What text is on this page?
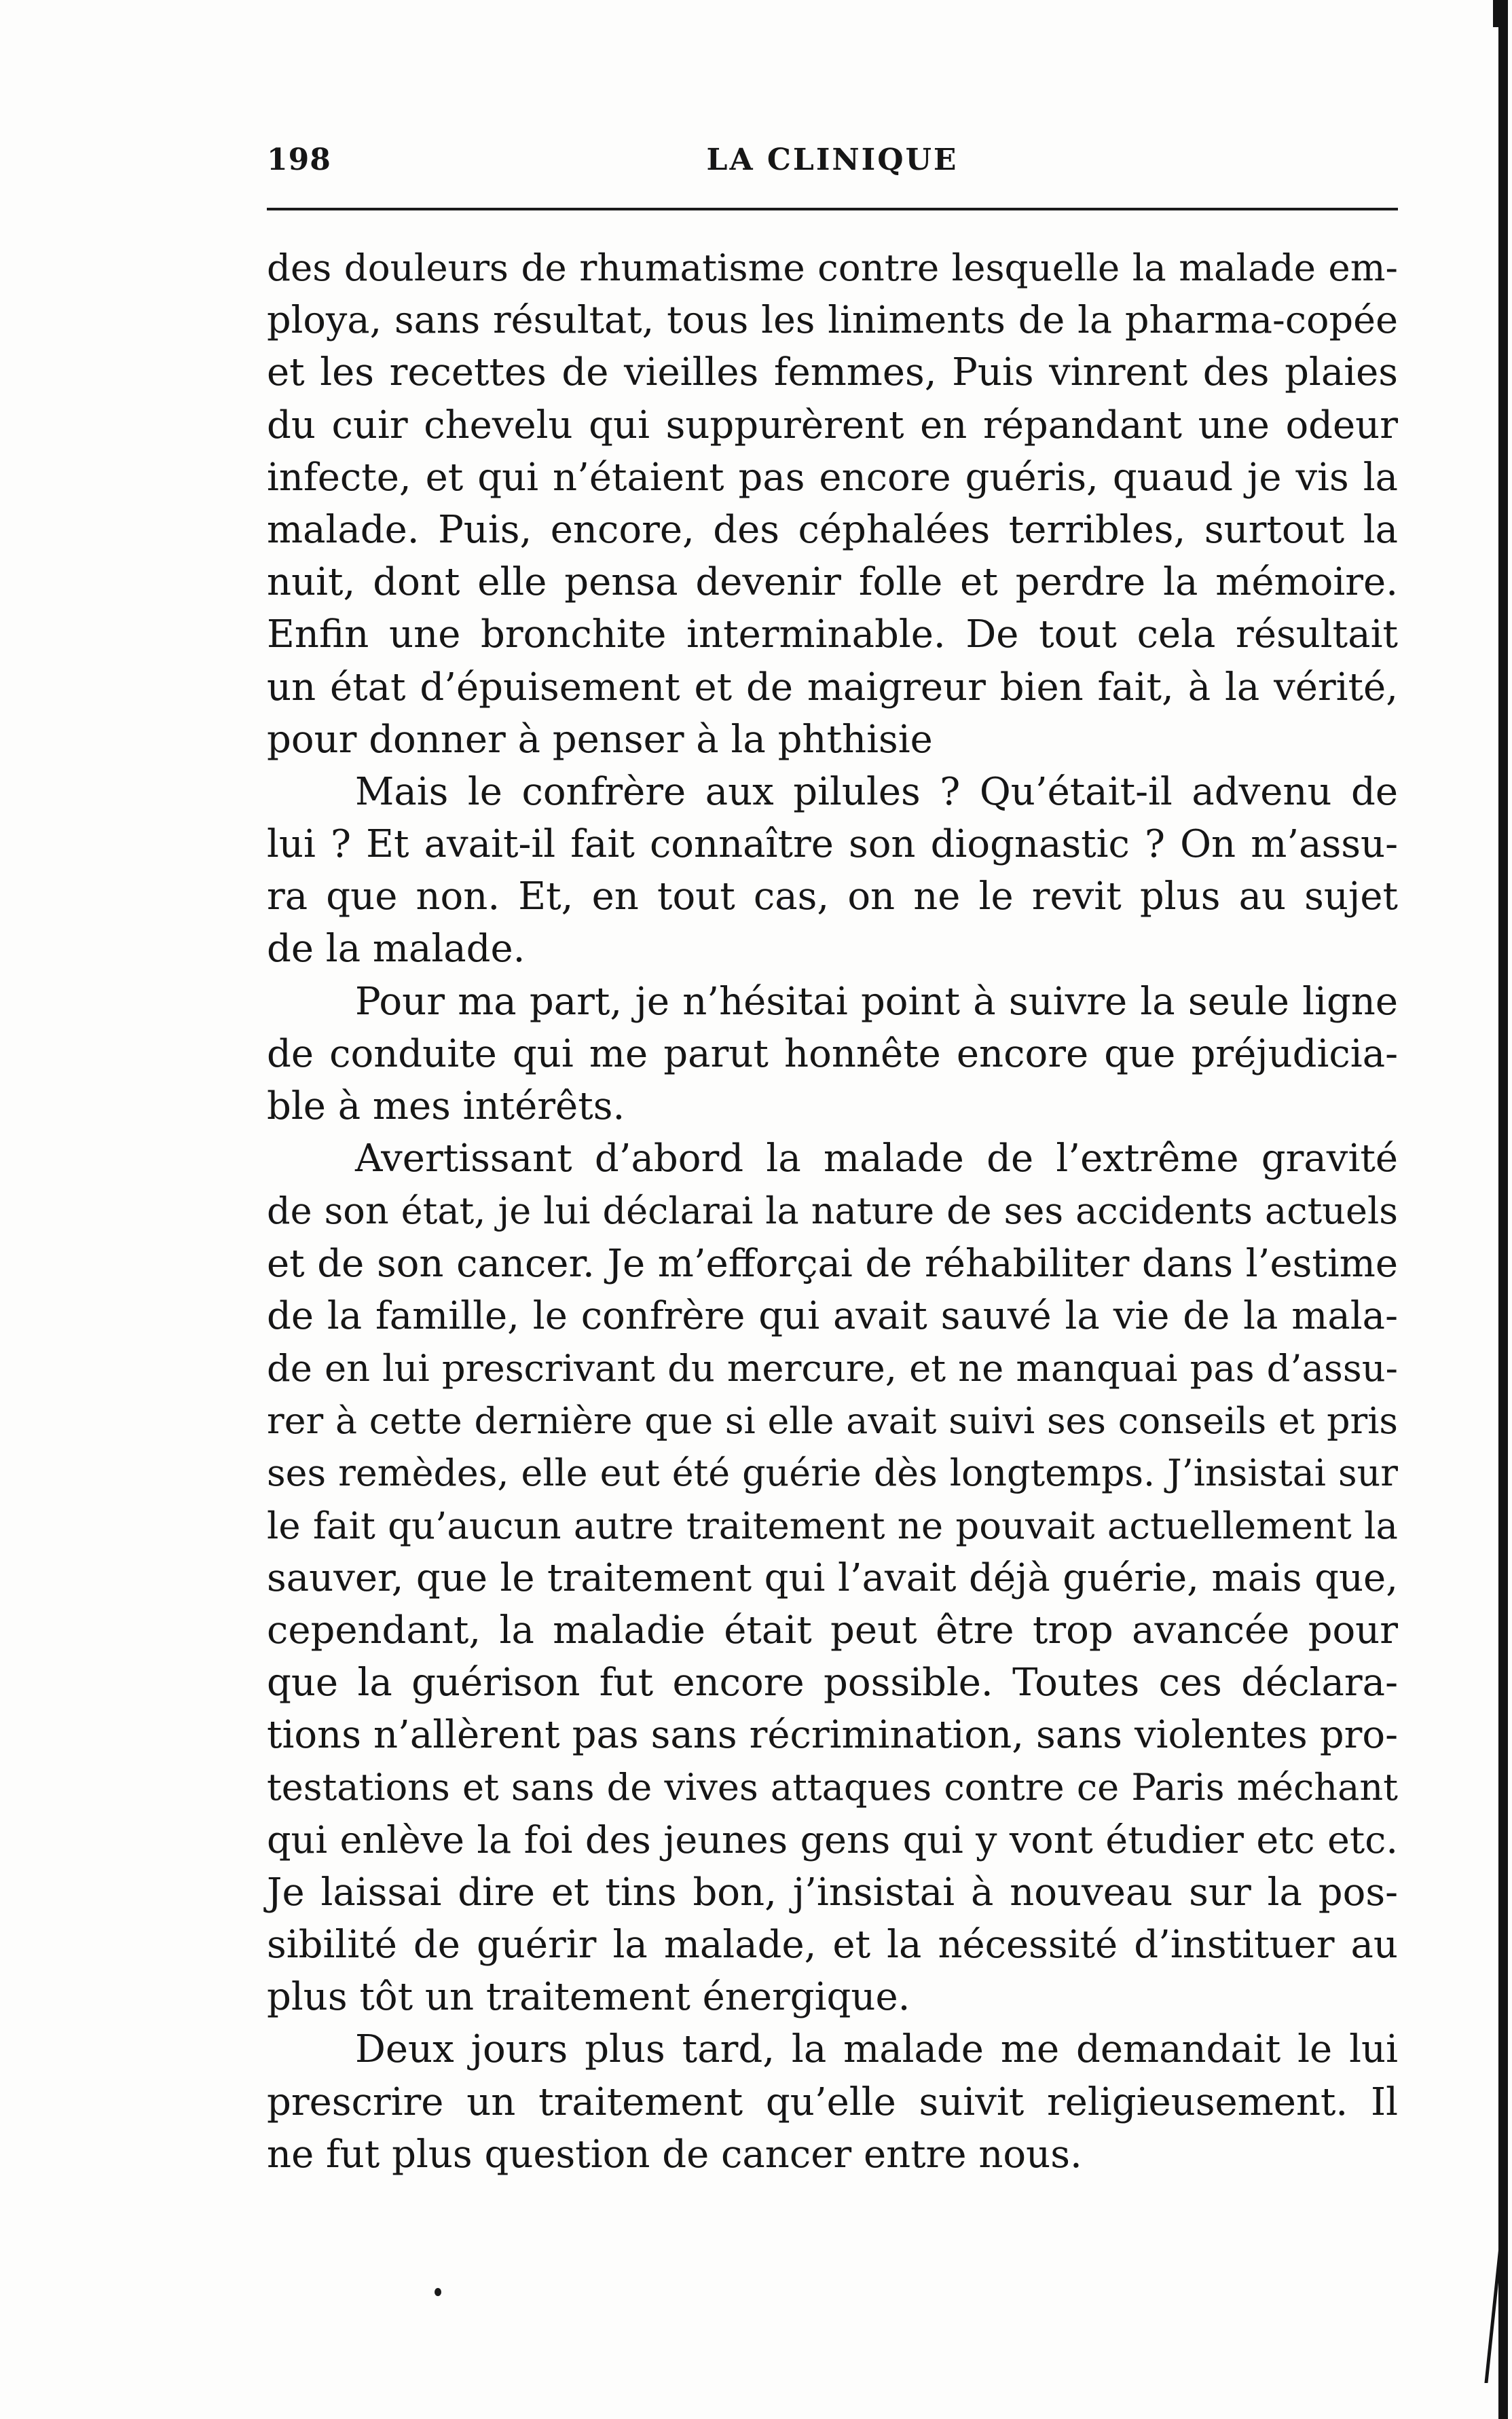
198	LA CLINIQUE
des douleurs de rhumatisme contre lesquelle la malade em-
ploya, sans résultat, tous les liniments de la pharma-copée
et les recettes de vieilles femmes, Puis vinrent des plaies
du cuir chevelu qui suppurèrent en répandant une odeur
infecte, et qui n’étaient pas encore guéris, quaud je vis la
malade. Puis, encore, des céphalées terribles, surtout la
nuit, dont elle pensa devenir folle et perdre la mémoire.
Enfin une bronchite interminable. De tout cela résultait
un état d’épuisement et de maigreur bien fait, à la vérité,
pour donner à penser à la phthisie
Mais le confrère aux pilules ? Qu’était-il advenu de
lui ? Et avait-il fait connaître son diognastic ? On m’assu-
ra que non. Et, en tout cas, on ne le revit plus au sujet
de la malade.
Pour ma part, je n’hésitai point à suivre la seule ligne
de conduite qui me parut honnête encore que préjudicia-
ble à mes intérêts.
Avertissant d’abord la malade de l’extrême gravité
de son état, je lui déclarai la nature de ses accidents actuels
et de son cancer. Je m’efforçai de réhabiliter dans l’estime
de la famille, le confrère qui avait sauvé la vie de la mala-
de en lui prescrivant du mercure, et ne manquai pas d’assu-
rer à cette dernière que si elle avait suivi ses conseils et pris
ses remèdes, elle eut été guérie dès longtemps. J’insistai sur
le fait qu’aucun autre traitement ne pouvait actuellement la
sauver, que le traitement qui l’avait déjà guérie, mais que,
cependant, la maladie était peut être trop avancée pour
que la guérison fut encore possible. Toutes ces déclara-
tions n’allèrent pas sans récrimination, sans violentes pro-
testations et sans de vives attaques contre ce Paris méchant
qui enlève la foi des jeunes gens qui y vont étudier etc etc.
Je laissai dire et tins bon, j’insistai à nouveau sur la pos-
sibilité de guérir la malade, et la nécessité d’instituer au
plus tôt un traitement énergique.
Deux jours plus tard, la malade me demandait le lui
prescrire un traitement qu’elle suivit religieusement. Il
ne fut plus question de cancer entre nous.
